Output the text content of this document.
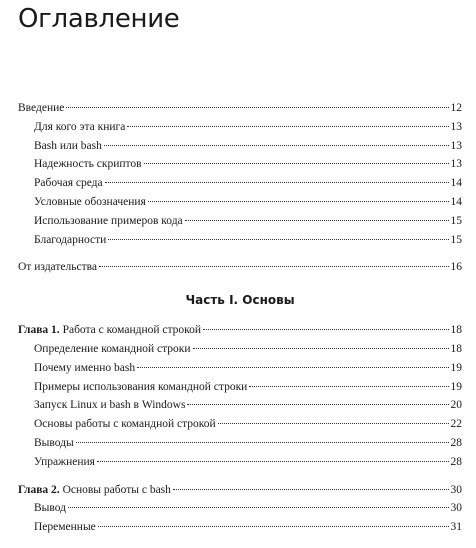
Оглавление
Введение	12
Для кого эта книга	13
Bash или bash	13
Надежность скриптов	13
Рабочая среда	14
Условные обозначения	14
Использование примеров кода	15
Благодарности	15
От издательства	16
Часть I. Основы
Глава 1. Работа с командной строкой	18
Определение командной строки	18
Почему именно bash	19
Примеры использования командной строки	19
Запуск Linux и bash в Windows	20
Основы работы с командной строкой	22
Выводы	28
Упражнения	28
Глава 2. Основы работы с bash	30
Вывод	30
Переменные	31
